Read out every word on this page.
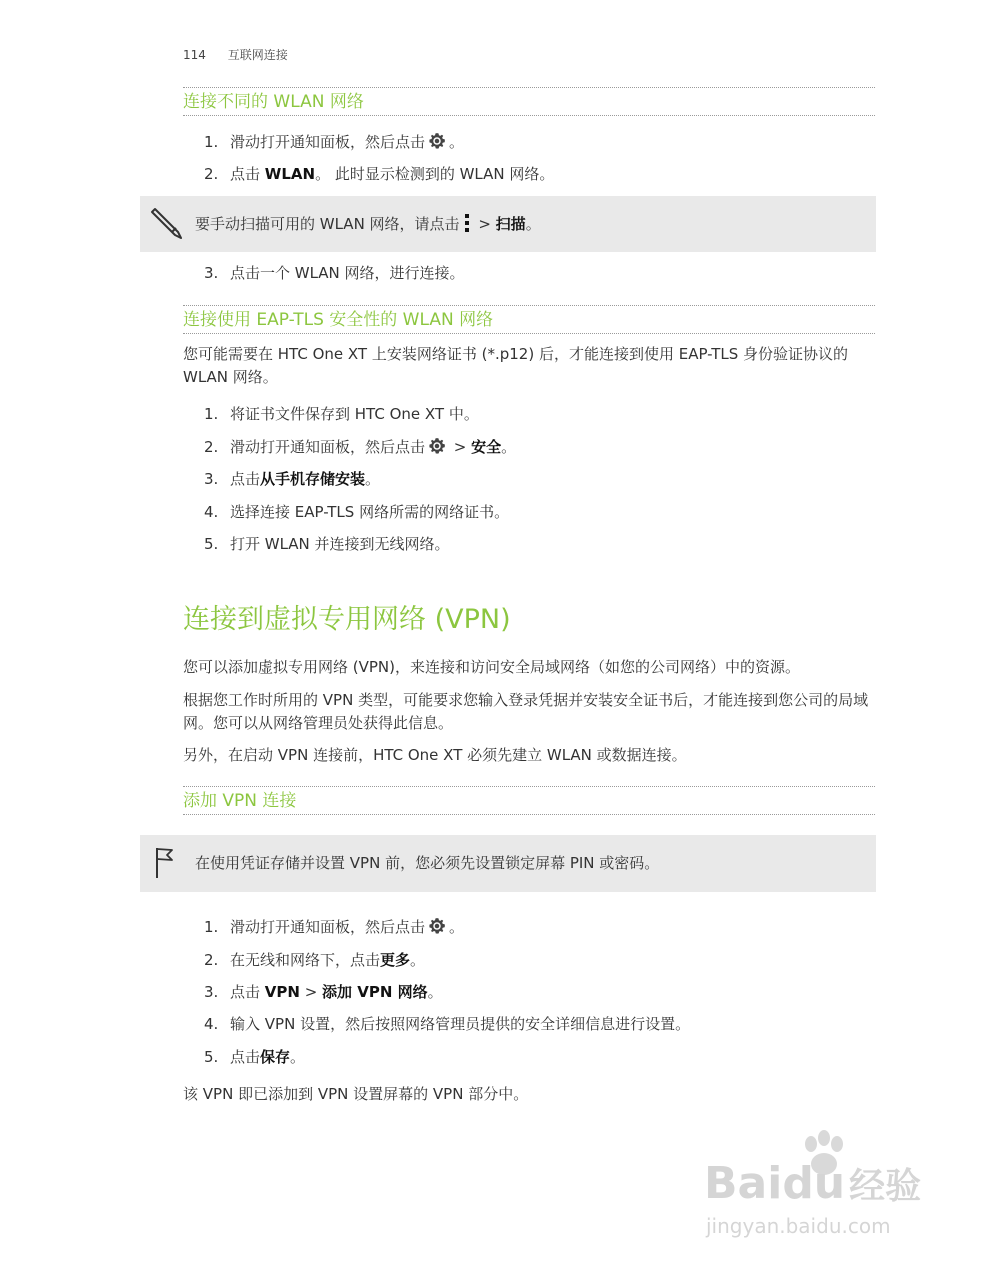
114 互联网连接
连接不同的 WLAN 网络
1. 滑动打开通知面板，然后点击 。
2. 点击 WLAN。 此时显示检测到的 WLAN 网络。
要手动扫描可用的 WLAN 网络，请点击 > 扫描。
3. 点击一个 WLAN 网络，进行连接。
连接使用 EAP-TLS 安全性的 WLAN 网络
您可能需要在 HTC One XT 上安装网络证书 (*.p12) 后，才能连接到使用 EAP-TLS 身份验证协议的 WLAN 网络。
1. 将证书文件保存到 HTC One XT 中。
2. 滑动打开通知面板，然后点击 > 安全。
3. 点击从手机存储安装。
4. 选择连接 EAP-TLS 网络所需的网络证书。
5. 打开 WLAN 并连接到无线网络。
连接到虚拟专用网络 (VPN)
您可以添加虚拟专用网络 (VPN)，来连接和访问安全局域网络（如您的公司网络）中的资源。
根据您工作时所用的 VPN 类型，可能要求您输入登录凭据并安装安全证书后，才能连接到您公司的局域网。您可以从网络管理员处获得此信息。
另外，在启动 VPN 连接前，HTC One XT 必须先建立 WLAN 或数据连接。
添加 VPN 连接
在使用凭证存储并设置 VPN 前，您必须先设置锁定屏幕 PIN 或密码。
1. 滑动打开通知面板，然后点击 。
2. 在无线和网络下，点击更多。
3. 点击 VPN > 添加 VPN 网络。
4. 输入 VPN 设置，然后按照网络管理员提供的安全详细信息进行设置。
5. 点击保存。
该 VPN 即已添加到 VPN 设置屏幕的 VPN 部分中。
Baidu 经验
jingyan.baidu.com
